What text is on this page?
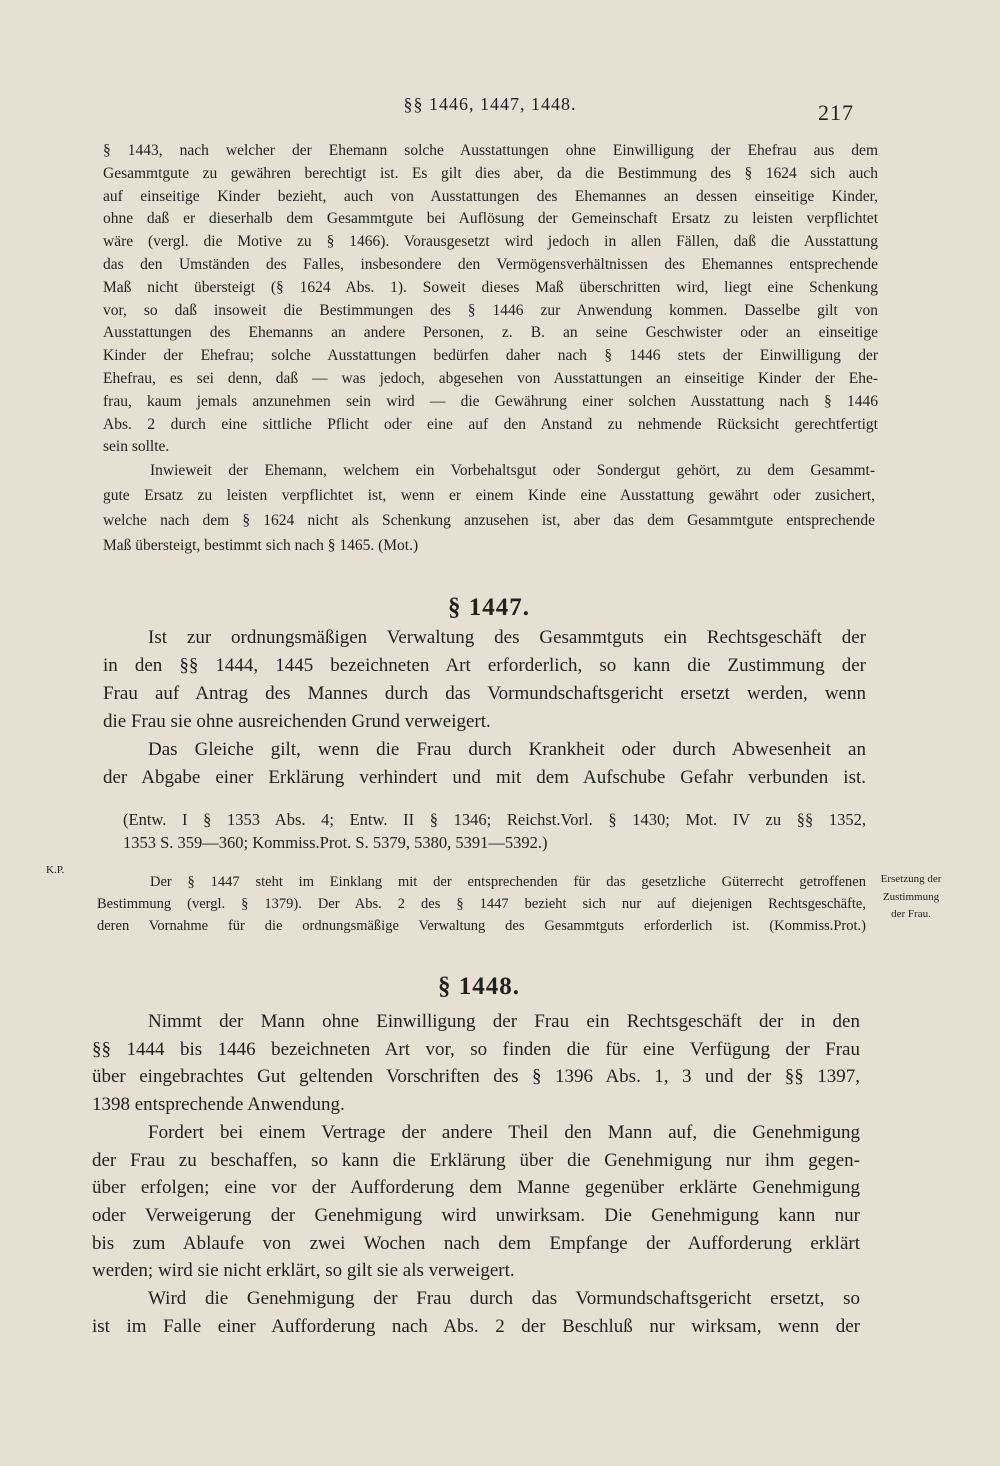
§§ 1446, 1447, 1448.	217
§ 1443, nach welcher der Ehemann solche Ausstattungen ohne Einwilligung der Ehefrau aus dem
Gesammtgute zu gewähren berechtigt ist. Es gilt dies aber, da die Bestimmung des § 1624 sich auch
auf einseitige Kinder bezieht, auch von Ausstattungen des Ehemannes an dessen einseitige Kinder,
ohne daß er dieserhalb dem Gesammtgute bei Auflösung der Gemeinschaft Ersatz zu leisten verpflichtet
wäre (vergl. die Motive zu § 1466). Vorausgesetzt wird jedoch in allen Fällen, daß die Ausstattung
das den Umständen des Falles, insbesondere den Vermögensverhältnissen des Ehemannes entsprechende
Maß nicht übersteigt (§ 1624 Abs. 1). Soweit dieses Maß überschritten wird, liegt eine Schenkung
vor, so daß insoweit die Bestimmungen des § 1446 zur Anwendung kommen. Dasselbe gilt von
Ausstattungen des Ehemanns an andere Personen, z. B. an seine Geschwister oder an einseitige
Kinder der Ehefrau; solche Ausstattungen bedürfen daher nach § 1446 stets der Einwilligung der
Ehefrau, es sei denn, daß — was jedoch, abgesehen von Ausstattungen an einseitige Kinder der Ehe-
frau, kaum jemals anzunehmen sein wird — die Gewährung einer solchen Ausstattung nach § 1446
Abs. 2 durch eine sittliche Pflicht oder eine auf den Anstand zu nehmende Rücksicht gerechtfertigt
sein sollte.
Inwieweit der Ehemann, welchem ein Vorbehaltsgut oder Sondergut gehört, zu dem Gesammt-
gute Ersatz zu leisten verpflichtet ist, wenn er einem Kinde eine Ausstattung gewährt oder zusichert,
welche nach dem § 1624 nicht als Schenkung anzusehen ist, aber das dem Gesammtgute entsprechende
Maß übersteigt, bestimmt sich nach § 1465. (Mot.)
§ 1447.
Ist zur ordnungsmäßigen Verwaltung des Gesammtguts ein Rechtsgeschäft der
in den §§ 1444, 1445 bezeichneten Art erforderlich, so kann die Zustimmung der
Frau auf Antrag des Mannes durch das Vormundschaftsgericht ersetzt werden, wenn
die Frau sie ohne ausreichenden Grund verweigert.
Das Gleiche gilt, wenn die Frau durch Krankheit oder durch Abwesenheit an
der Abgabe einer Erklärung verhindert und mit dem Aufschube Gefahr verbunden ist.
(Entw. I § 1353 Abs. 4; Entw. II § 1346; Reichst.Vorl. § 1430; Mot. IV zu §§ 1352,
1353 S. 359—360; Kommiss.Prot. S. 5379, 5380, 5391—5392.)
K.P.
Der § 1447 steht im Einklang mit der entsprechenden für das gesetzliche Güterrecht getroffenen
Bestimmung (vergl. § 1379). Der Abs. 2 des § 1447 bezieht sich nur auf diejenigen Rechtsgeschäfte,
deren Vornahme für die ordnungsmäßige Verwaltung des Gesammtguts erforderlich ist. (Kommiss.Prot.)
Ersetzung der
Zustimmung
der Frau.
§ 1448.
Nimmt der Mann ohne Einwilligung der Frau ein Rechtsgeschäft der in den
§§ 1444 bis 1446 bezeichneten Art vor, so finden die für eine Verfügung der Frau
über eingebrachtes Gut geltenden Vorschriften des § 1396 Abs. 1, 3 und der §§ 1397,
1398 entsprechende Anwendung.
Fordert bei einem Vertrage der andere Theil den Mann auf, die Genehmigung
der Frau zu beschaffen, so kann die Erklärung über die Genehmigung nur ihm gegen-
über erfolgen; eine vor der Aufforderung dem Manne gegenüber erklärte Genehmigung
oder Verweigerung der Genehmigung wird unwirksam. Die Genehmigung kann nur
bis zum Ablaufe von zwei Wochen nach dem Empfange der Aufforderung erklärt
werden; wird sie nicht erklärt, so gilt sie als verweigert.
Wird die Genehmigung der Frau durch das Vormundschaftsgericht ersetzt, so
ist im Falle einer Aufforderung nach Abs. 2 der Beschluß nur wirksam, wenn der
